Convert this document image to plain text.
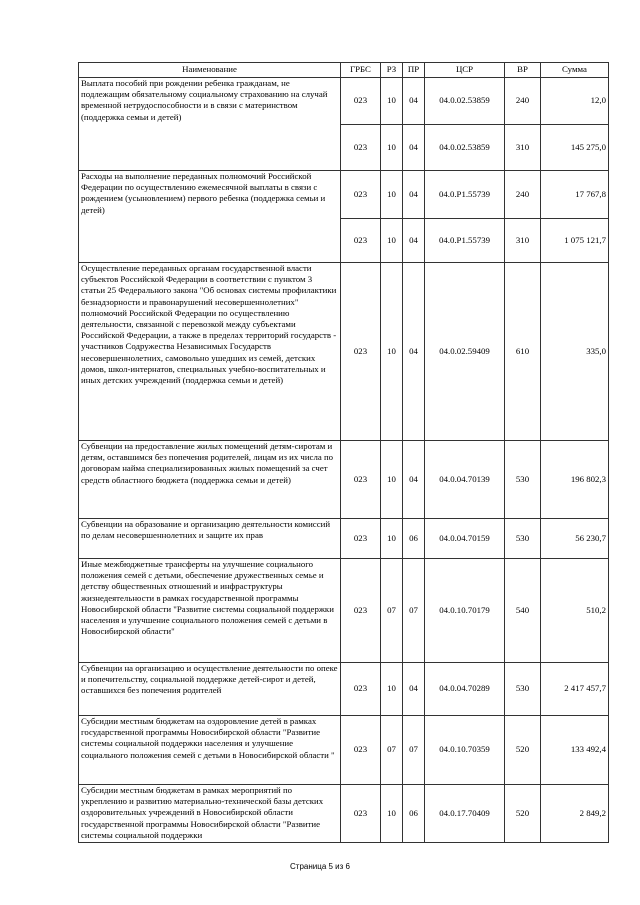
Наименование	ГРБС	РЗ	ПР	ЦСР	ВР	Сумма
Выплата пособий при рождении ребенка гражданам, не подлежащим обязательному социальному страхованию на случай временной нетрудоспособности и в связи с материнством (поддержка семьи и детей)	023	10	04	04.0.02.53859	240	12,0
	023	10	04	04.0.02.53859	310	145 275,0
Расходы на выполнение переданных полномочий Российской Федерации по осуществлению ежемесячной выплаты в связи с рождением (усыновлением) первого ребенка (поддержка семьи и детей)	023	10	04	04.0.P1.55739	240	17 767,8
	023	10	04	04.0.P1.55739	310	1 075 121,7
Осуществление переданных органам государственной власти субъектов Российской Федерации в соответствии с пунктом 3 статьи 25 Федерального закона "Об основах системы профилактики безнадзорности и правонарушений несовершеннолетних" полномочий Российской Федерации по осуществлению деятельности, связанной с перевозкой между субъектами Российской Федерации, а также в пределах территорий государств - участников Содружества Независимых Государств несовершеннолетних, самовольно ушедших из семей, детских домов, школ-интернатов, специальных учебно-воспитательных и иных детских учреждений (поддержка семьи и детей)	023	10	04	04.0.02.59409	610	335,0
Субвенции на предоставление жилых помещений детям-сиротам и детям, оставшимся без попечения родителей, лицам из их числа по договорам найма специализированных жилых помещений за счет средств областного бюджета (поддержка семьи и детей)	023	10	04	04.0.04.70139	530	196 802,3
Субвенции на образование и организацию деятельности комиссий по делам несовершеннолетних и защите их прав	023	10	06	04.0.04.70159	530	56 230,7
Иные межбюджетные трансферты на улучшение социального положения семей с детьми, обеспечение дружественных семье и детству общественных отношений и инфраструктуры жизнедеятельности в рамках государственной программы Новосибирской области "Развитие системы социальной поддержки населения и улучшение социального положения семей с детьми в Новосибирской области"	023	07	07	04.0.10.70179	540	510,2
Субвенции на организацию и осуществление деятельности по опеке и попечительству, социальной поддержке детей-сирот и детей, оставшихся без попечения родителей	023	10	04	04.0.04.70289	530	2 417 457,7
Субсидии местным бюджетам на оздоровление детей в рамках государственной программы Новосибирской области "Развитие системы социальной поддержки населения и улучшение социального положения семей с детьми в Новосибирской области "	023	07	07	04.0.10.70359	520	133 492,4

Субсидии местным бюджетам в рамках мероприятий по укреплению и развитию материально-технической базы детских оздоровительных учреждений в Новосибирской области государственной программы Новосибирской области "Развитие системы социальной поддержки	023	10	06	04.0.17.70409	520	2 849,2
Страница 5 из 6
